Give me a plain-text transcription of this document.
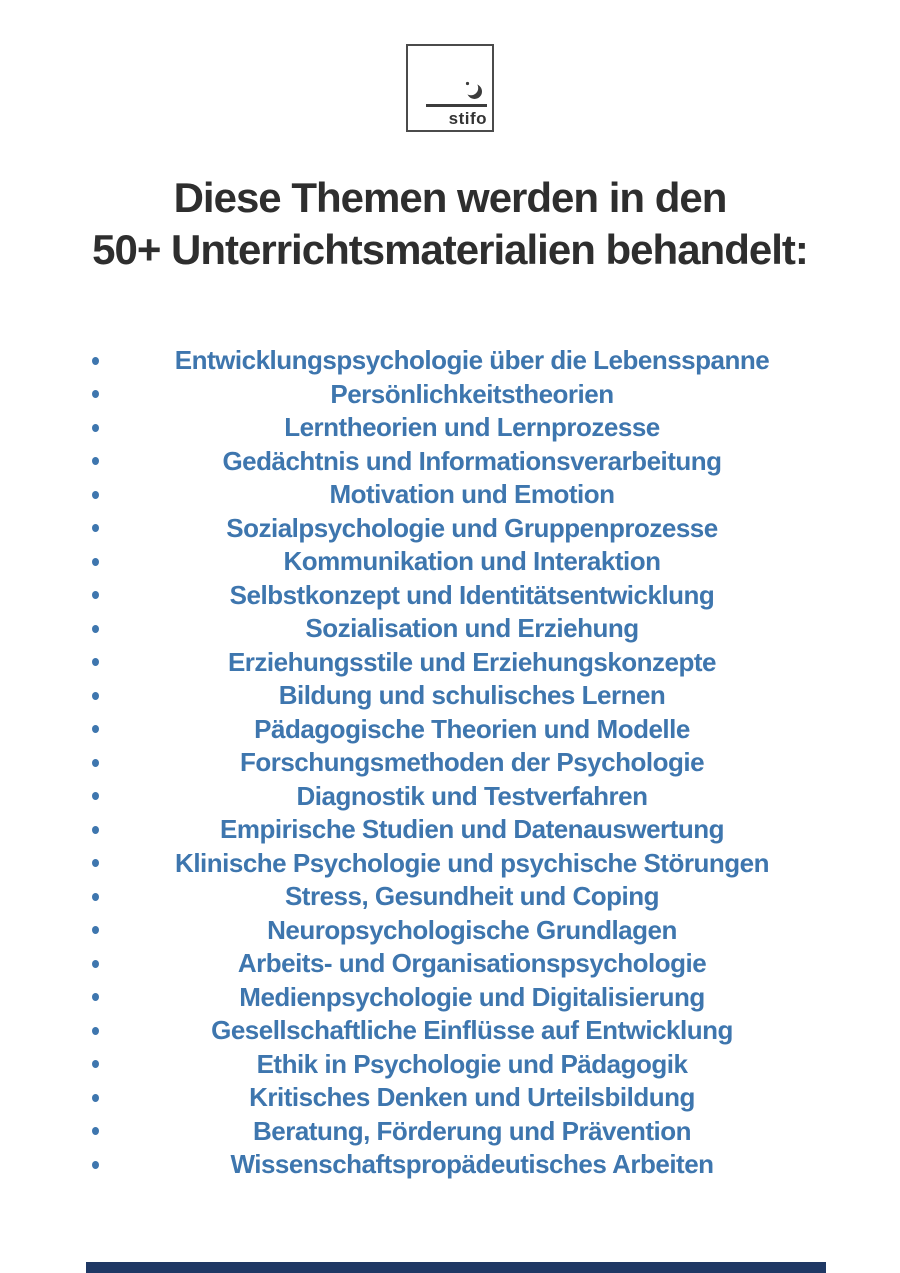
stifo
Diese Themen werden in den
50+ Unterrichtsmaterialien behandelt:
Entwicklungspsychologie über die Lebensspanne
Persönlichkeitstheorien
Lerntheorien und Lernprozesse
Gedächtnis und Informationsverarbeitung
Motivation und Emotion
Sozialpsychologie und Gruppenprozesse
Kommunikation und Interaktion
Selbstkonzept und Identitätsentwicklung
Sozialisation und Erziehung
Erziehungsstile und Erziehungskonzepte
Bildung und schulisches Lernen
Pädagogische Theorien und Modelle
Forschungsmethoden der Psychologie
Diagnostik und Testverfahren
Empirische Studien und Datenauswertung
Klinische Psychologie und psychische Störungen
Stress, Gesundheit und Coping
Neuropsychologische Grundlagen
Arbeits- und Organisationspsychologie
Medienpsychologie und Digitalisierung
Gesellschaftliche Einflüsse auf Entwicklung
Ethik in Psychologie und Pädagogik
Kritisches Denken und Urteilsbildung
Beratung, Förderung und Prävention
Wissenschaftspropädeutisches Arbeiten
